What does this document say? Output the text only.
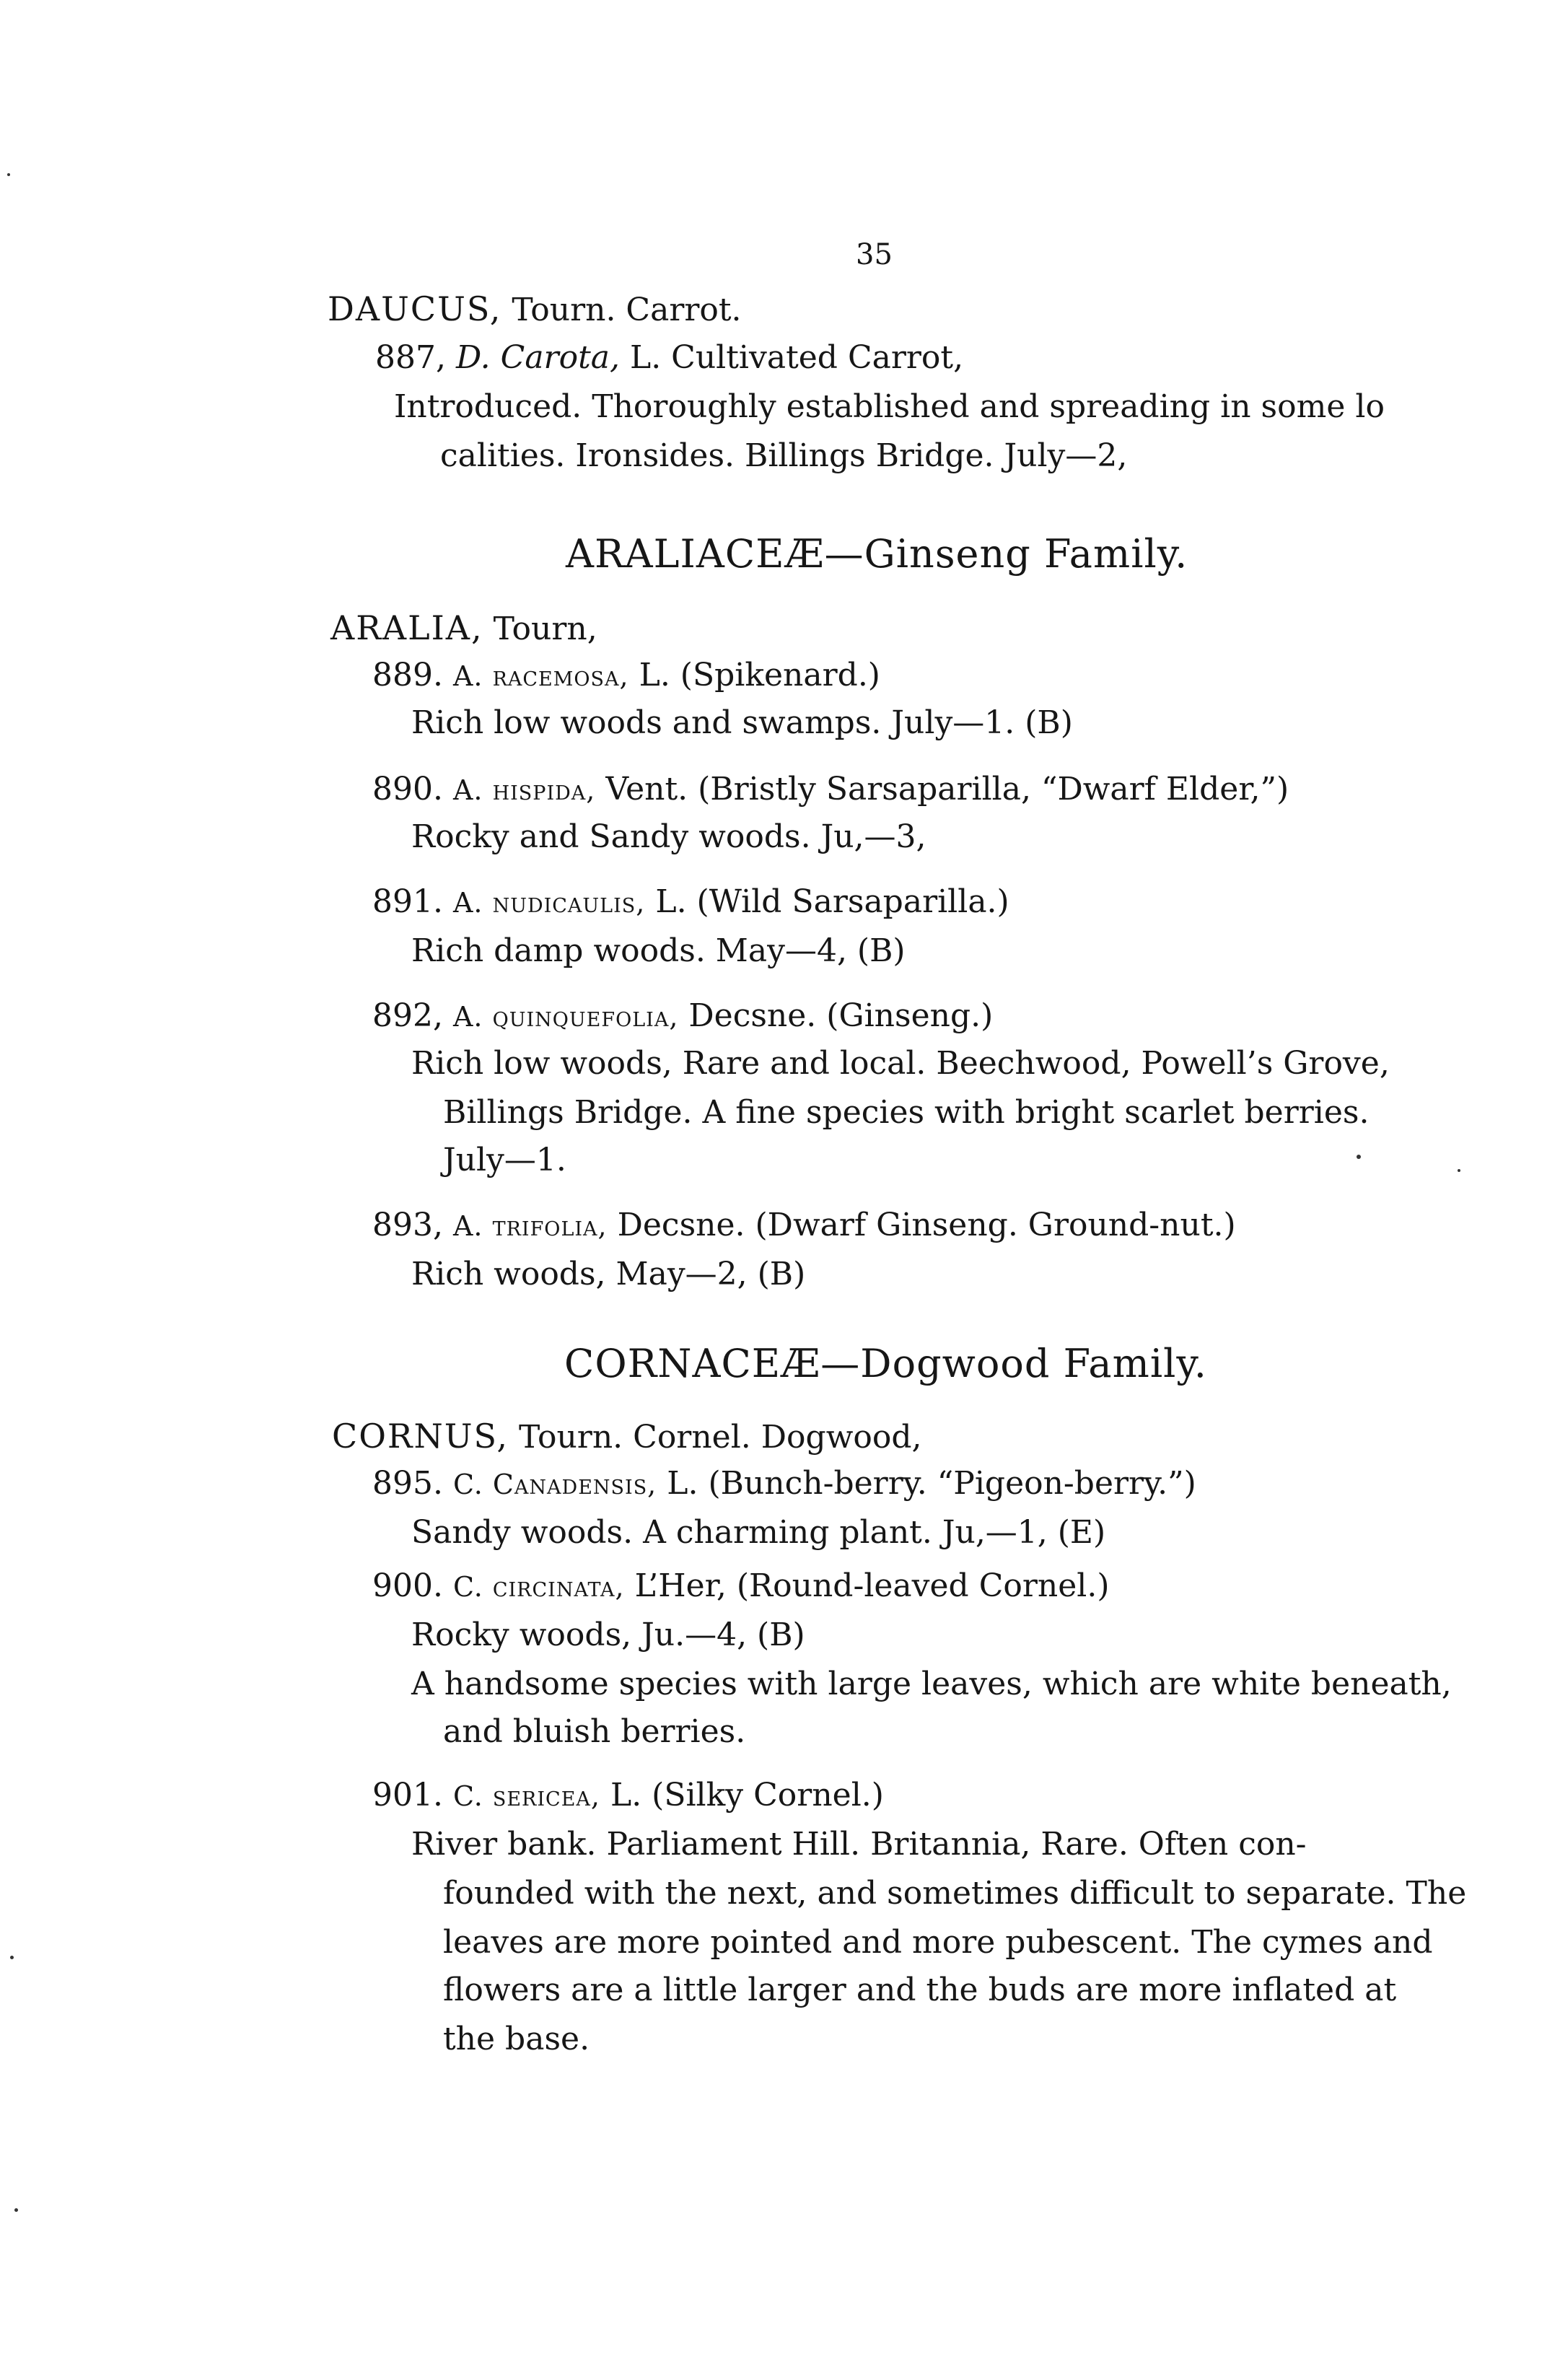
35
DAUCUS, Tourn. Carrot.
887, D. Carota, L. Cultivated Carrot,
Introduced. Thoroughly established and spreading in some lo
calities. Ironsides. Billings Bridge. July—2,
ARALIACEÆ—Ginseng Family.
ARALIA, Tourn,
889. A. racemosa, L. (Spikenard.)
Rich low woods and swamps. July—1. (B)
890. A. hispida, Vent. (Bristly Sarsaparilla, “Dwarf Elder,”)
Rocky and Sandy woods. Ju,—3,
891. A. nudicaulis, L. (Wild Sarsaparilla.)
Rich damp woods. May—4, (B)
892, A. quinquefolia, Decsne. (Ginseng.)
Rich low woods, Rare and local. Beechwood, Powell’s Grove,
Billings Bridge. A fine species with bright scarlet berries.
July—1.
893, A. trifolia, Decsne. (Dwarf Ginseng. Ground-nut.)
Rich woods, May—2, (B)
CORNACEÆ—Dogwood Family.
CORNUS, Tourn. Cornel. Dogwood,
895. C. Canadensis, L. (Bunch-berry. “Pigeon-berry.”)
Sandy woods. A charming plant. Ju,—1, (E)
900. C. circinata, L’Her, (Round-leaved Cornel.)
Rocky woods, Ju.—4, (B)
A handsome species with large leaves, which are white beneath,
and bluish berries.
901. C. sericea, L. (Silky Cornel.)
River bank. Parliament Hill. Britannia, Rare. Often con-
founded with the next, and sometimes difficult to separate. The
leaves are more pointed and more pubescent. The cymes and
flowers are a little larger and the buds are more inflated at
the base.
